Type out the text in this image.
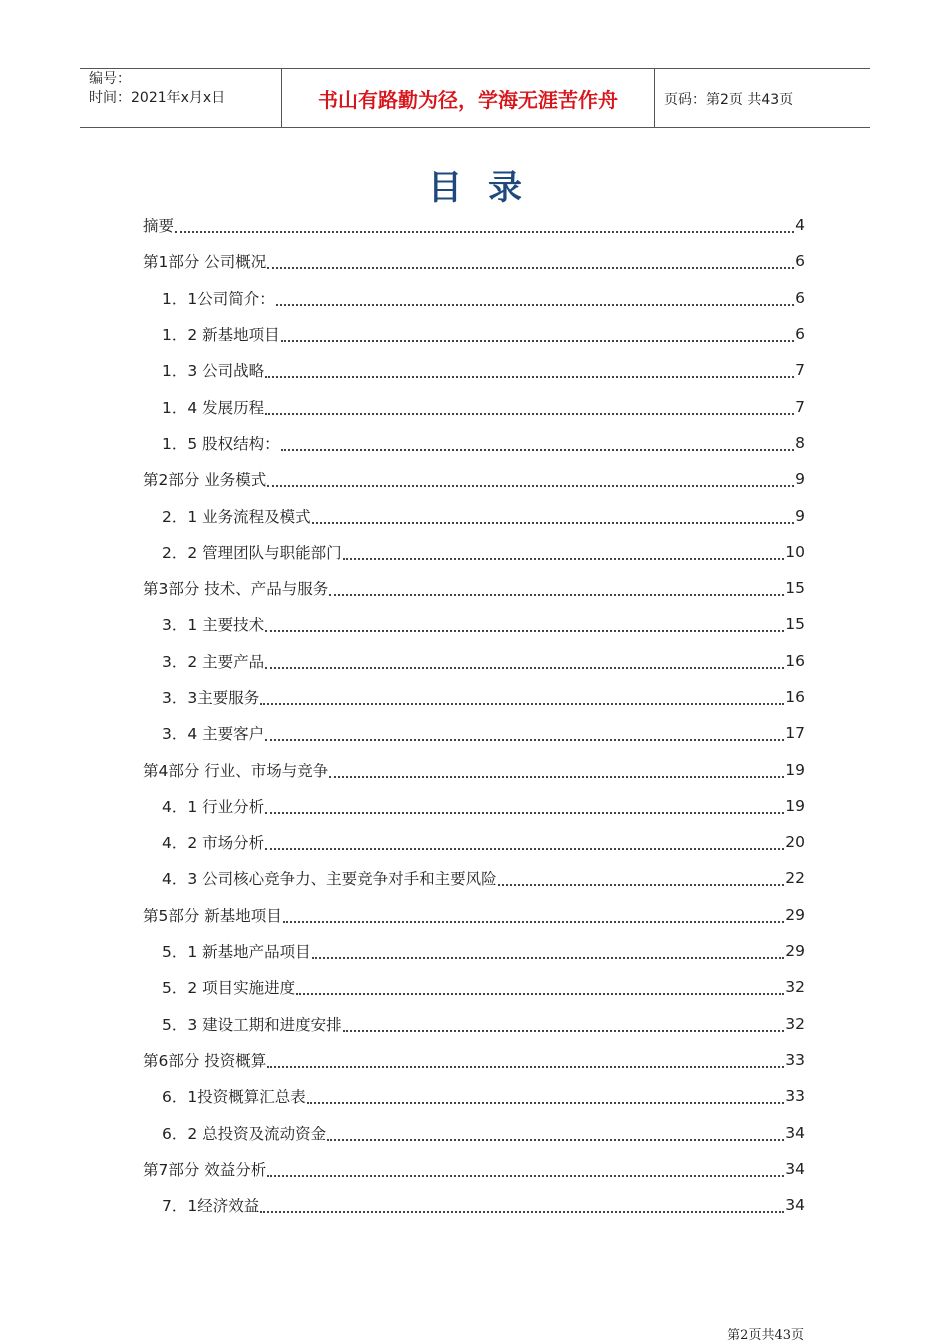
编号：
时间：2021年x月x日	书山有路勤为径，学海无涯苦作舟	页码：第2页 共43页
目录
摘要	4
第1部分 公司概况	6
1．1公司简介：	6
1．2 新基地项目	6
1．3 公司战略	7
1．4 发展历程	7
1．5 股权结构：	8
第2部分 业务模式	9
2．1 业务流程及模式	9
2．2 管理团队与职能部门	10
第3部分 技术、产品与服务	15
3．1 主要技术	15
3．2 主要产品	16
3．3主要服务	16
3．4 主要客户	17
第4部分 行业、市场与竞争	19
4．1 行业分析	19
4．2 市场分析	20
4．3 公司核心竞争力、主要竞争对手和主要风险	22
第5部分 新基地项目	29
5．1 新基地产品项目	29
5．2 项目实施进度	32
5．3 建设工期和进度安排	32
第6部分 投资概算	33
6．1投资概算汇总表	33
6．2 总投资及流动资金	34
第7部分 效益分析	34
7．1经济效益	34
第2页共43页
